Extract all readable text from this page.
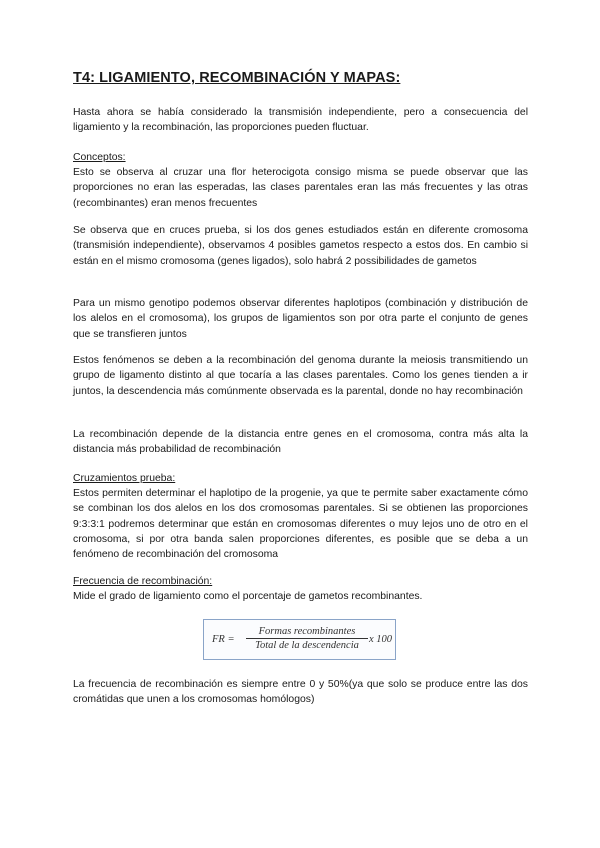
T4: LIGAMIENTO, RECOMBINACIÓN Y MAPAS:
Hasta ahora se había considerado la transmisión independiente, pero a consecuencia del ligamiento y la recombinación, las proporciones pueden fluctuar.
Conceptos:
Esto se observa al cruzar una flor heterocigota consigo misma se puede observar que las proporciones no eran las esperadas, las clases parentales eran las más frecuentes y las otras (recombinantes) eran menos frecuentes
Se observa que en cruces prueba, si los dos genes estudiados están en diferente cromosoma (transmisión independiente), observamos 4 posibles gametos respecto a estos dos. En cambio si están en el mismo cromosoma (genes ligados), solo habrá 2 possibilidades de gametos
Para un mismo genotipo podemos observar diferentes haplotipos (combinación y distribución de los alelos en el cromosoma), los grupos de ligamientos son por otra parte el conjunto de genes que se transfieren juntos
Estos fenómenos se deben a la recombinación del genoma durante la meiosis transmitiendo un grupo de ligamento distinto al que tocaría a las clases parentales. Como los genes tienden a ir juntos, la descendencia más comúnmente observada es la parental, donde no hay recombinación
La recombinación depende de la distancia entre genes en el cromosoma, contra más alta la distancia más probabilidad de recombinación
Cruzamientos prueba:
Estos permiten determinar el haplotipo de la progenie, ya que te permite saber exactamente cómo se combinan los dos alelos en los dos cromosomas parentales. Si se obtienen las proporciones 9:3:3:1 podremos determinar que están en cromosomas diferentes o muy lejos uno de otro en el cromosoma, si por otra banda salen proporciones diferentes, es posible que se deba a un fenómeno de recombinación del cromosoma
Frecuencia de recombinación:
Mide el grado de ligamiento como el porcentaje de gametos recombinantes.
FR =
Formas recombinantes
Total de la descendencia
x 100
La frecuencia de recombinación es siempre entre 0 y 50%(ya que solo se produce entre las dos cromátidas que unen a los cromosomas homólogos)
